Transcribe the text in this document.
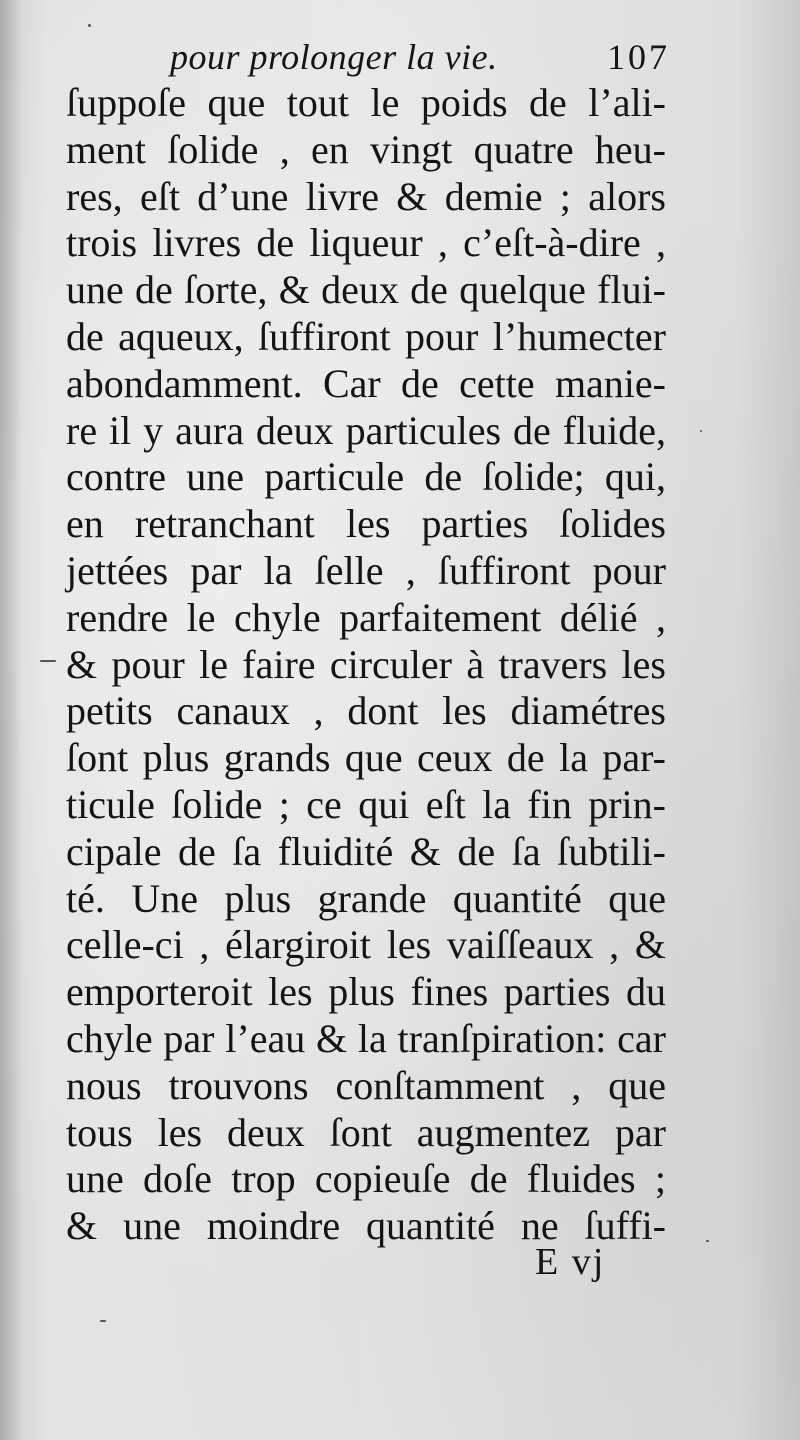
pour prolonger la vie.	107
ſuppoſe que tout le poids de l’ali-
ment ſolide , en vingt quatre heu-
res, eſt d’une livre & demie ; alors
trois livres de liqueur , c’eſt-à-dire ,
une de ſorte, & deux de quelque flui-
de aqueux, ſuffiront pour l’humecter
abondamment. Car de cette manie-
re il y aura deux particules de fluide,
contre une particule de ſolide; qui,
en retranchant les parties ſolides
jettées par la ſelle , ſuffiront pour
rendre le chyle parfaitement délié ,
& pour le faire circuler à travers les
petits canaux , dont les diamétres
ſont plus grands que ceux de la par-
ticule ſolide ; ce qui eſt la fin prin-
cipale de ſa fluidité & de ſa ſubtili-
té. Une plus grande quantité que
celle-ci , élargiroit les vaiſſeaux , &
emporteroit les plus fines parties du
chyle par l’eau & la tranſpiration: car
nous trouvons conſtamment , que
tous les deux ſont augmentez par
une doſe trop copieuſe de fluides ;
& une moindre quantité ne ſuffi-
E vj
